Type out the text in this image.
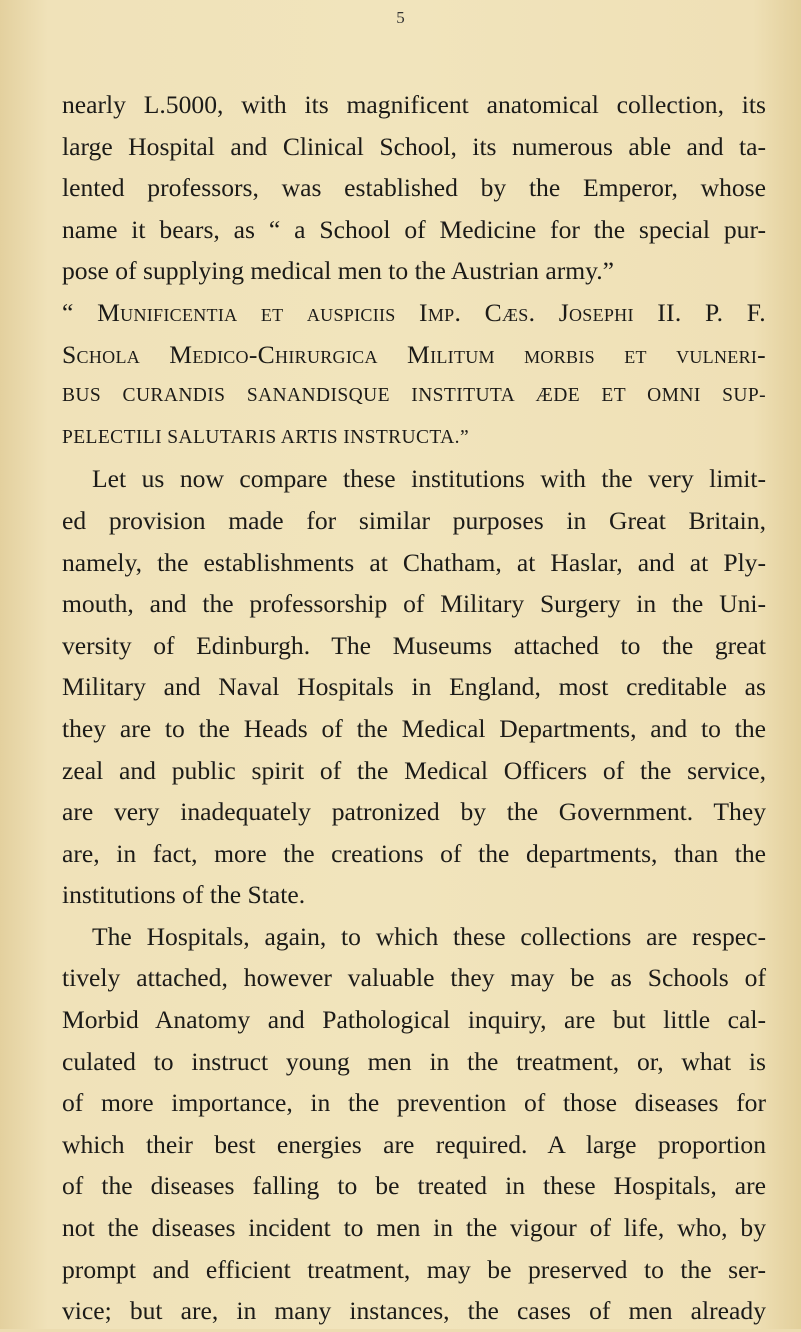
5
nearly L.5000, with its magnificent anatomical collection, its
large Hospital and Clinical School, its numerous able and ta-
lented professors, was established by the Emperor, whose
name it bears, as “ a School of Medicine for the special pur-
pose of supplying medical men to the Austrian army.”
“ Munificentia et auspiciis Imp. Cæs. Josephi II. P. F.
Schola Medico-Chirurgica Militum morbis et vulneri-
BUS CURANDIS SANANDISQUE INSTITUTA ÆDE ET OMNI SUP-
PELECTILI SALUTARIS ARTIS INSTRUCTA.”
Let us now compare these institutions with the very limit-
ed provision made for similar purposes in Great Britain,
namely, the establishments at Chatham, at Haslar, and at Ply-
mouth, and the professorship of Military Surgery in the Uni-
versity of Edinburgh. The Museums attached to the great
Military and Naval Hospitals in England, most creditable as
they are to the Heads of the Medical Departments, and to the
zeal and public spirit of the Medical Officers of the service,
are very inadequately patronized by the Government. They
are, in fact, more the creations of the departments, than the
institutions of the State.
The Hospitals, again, to which these collections are respec-
tively attached, however valuable they may be as Schools of
Morbid Anatomy and Pathological inquiry, are but little cal-
culated to instruct young men in the treatment, or, what is
of more importance, in the prevention of those diseases for
which their best energies are required. A large proportion
of the diseases falling to be treated in these Hospitals, are
not the diseases incident to men in the vigour of life, who, by
prompt and efficient treatment, may be preserved to the ser-
vice; but are, in many instances, the cases of men already
